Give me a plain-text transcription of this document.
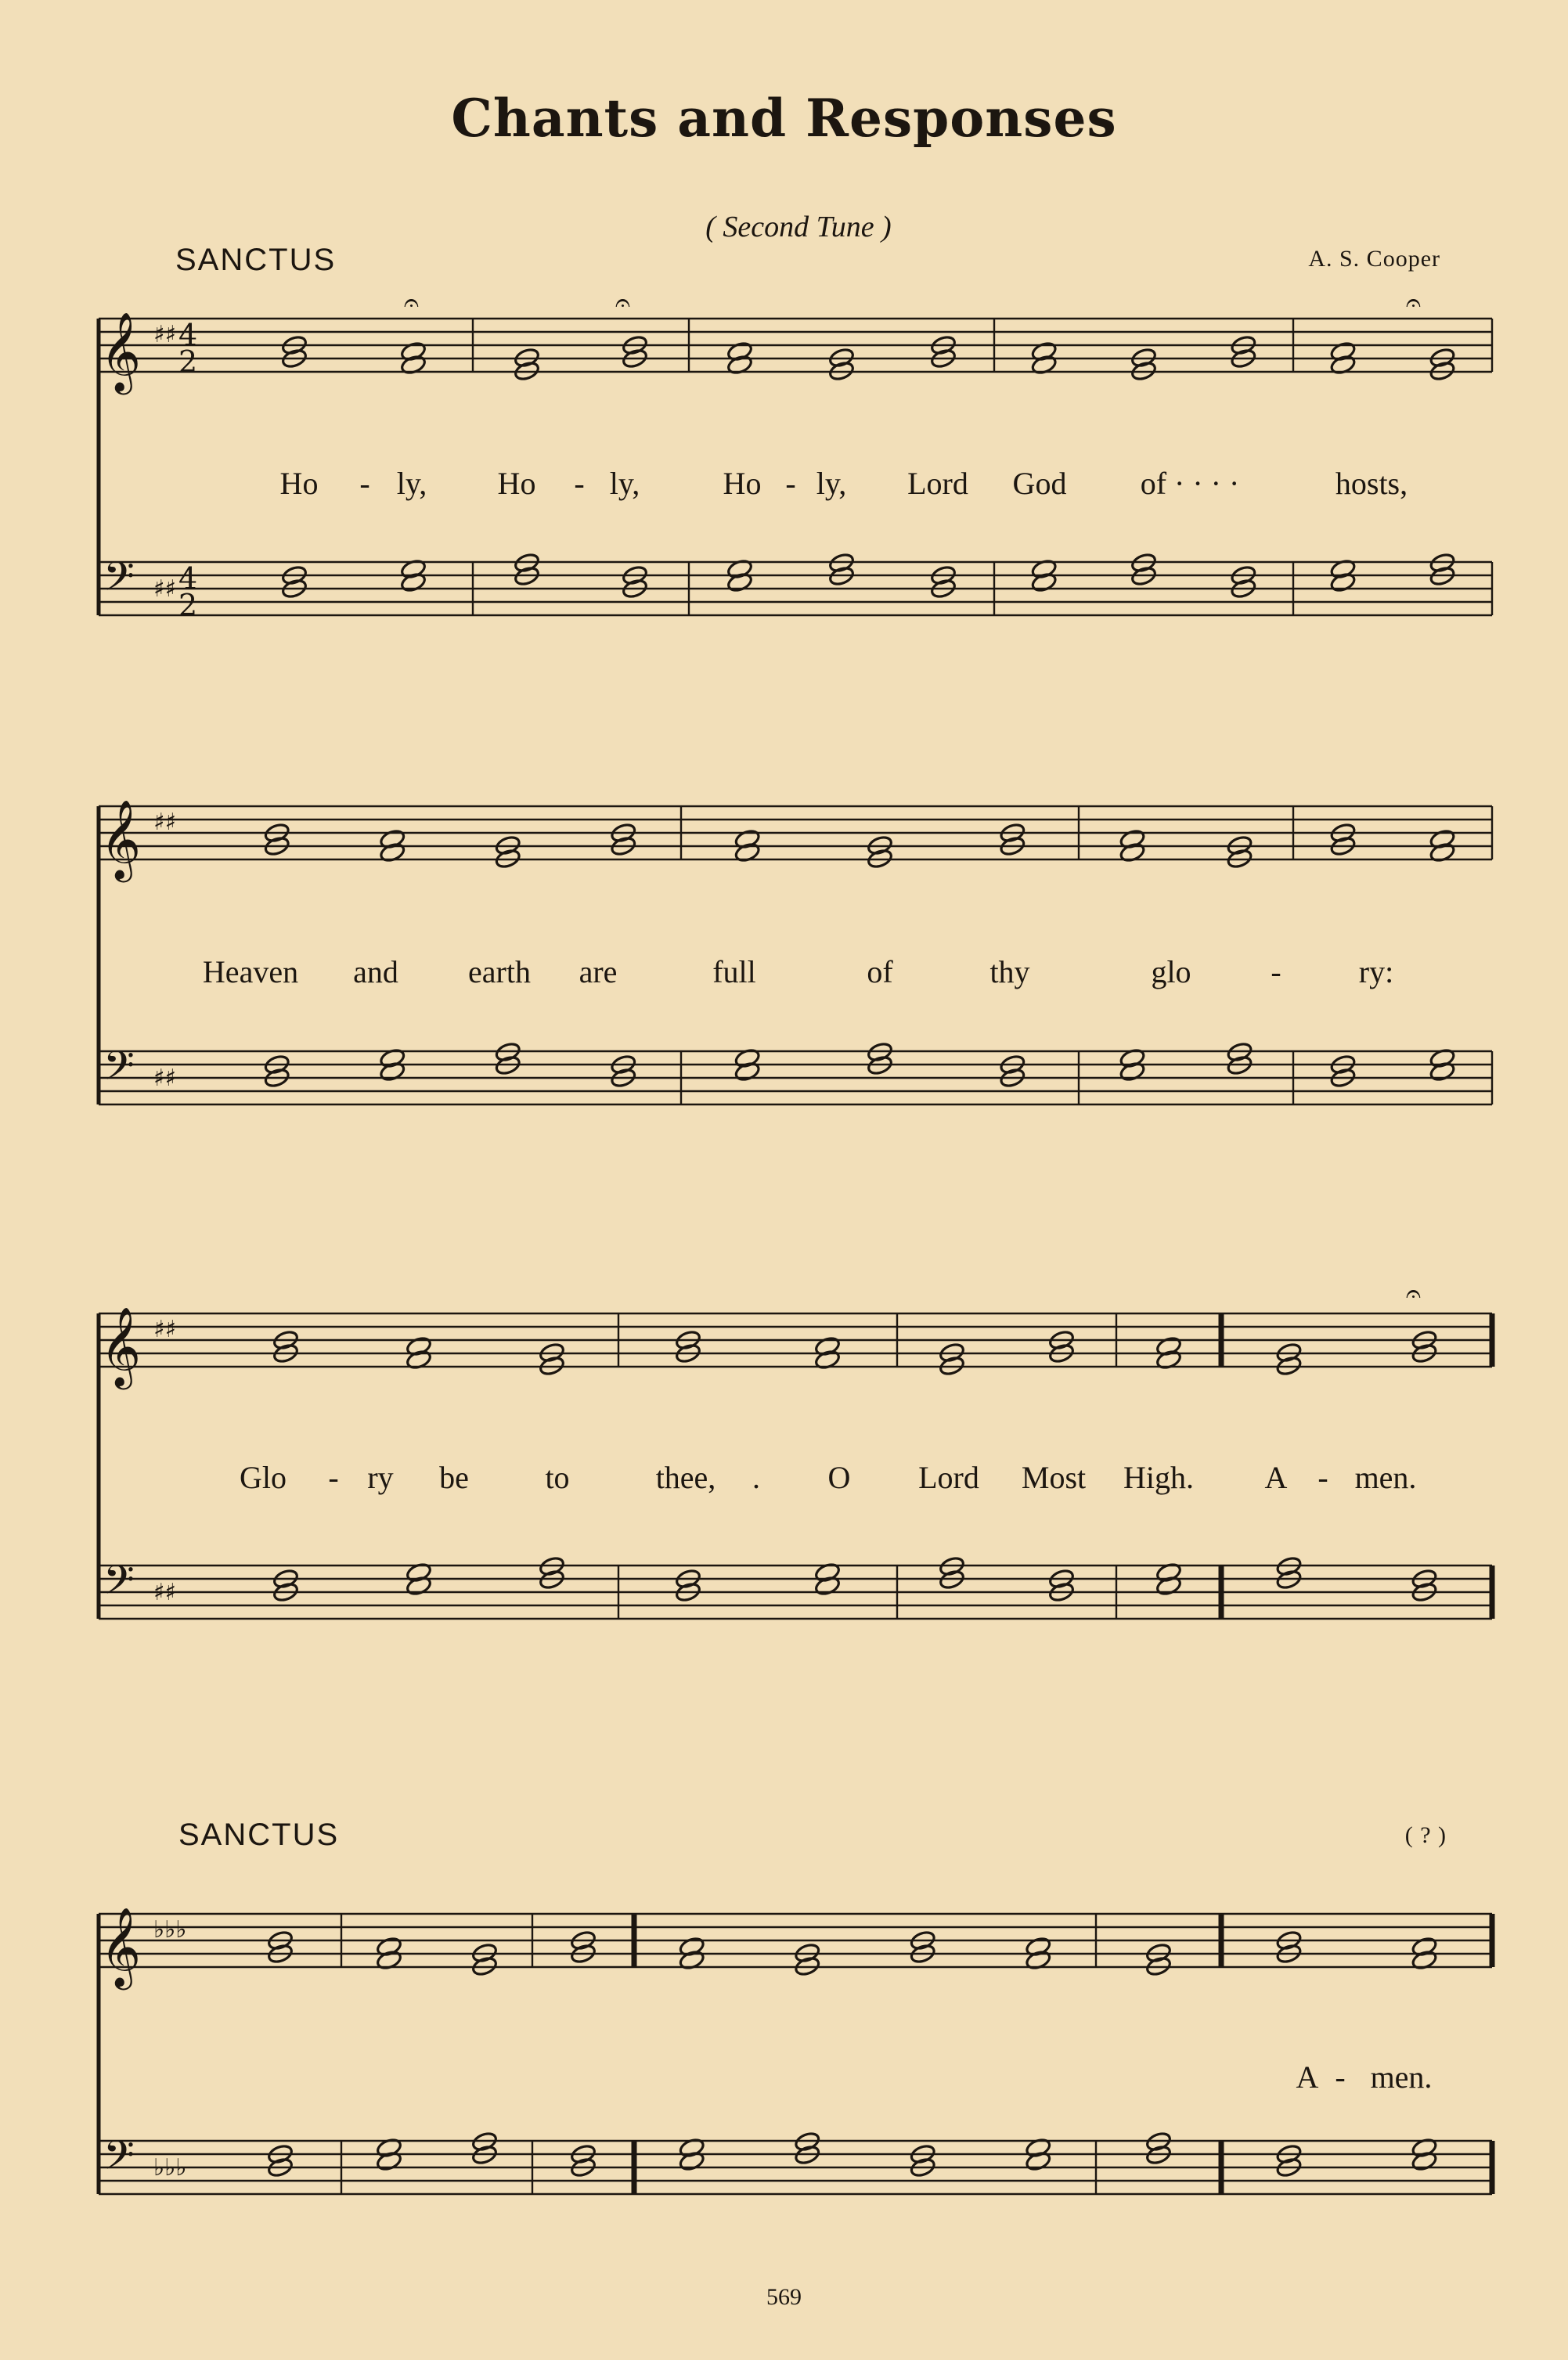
Chants and Responses
( Second Tune )
SANCTUS	A. S. Cooper
SANCTUS	( ? )
𝄞
𝄢
♯♯
♯♯
4
2
4
2
𝄞
𝄢
♯♯
♯♯
𝄞
𝄢
♯♯
♯♯
𝄞
𝄢
♭♭♭
♭♭♭
𝄐	𝄐	𝄐
𝄐
Ho - ly, Ho - ly,	Ho - ly, Lord God of · · · ·	hosts,
Heaven and earth are	full	of	thy	glo	- ry:
Glo - ry be to	thee, . O Lord Most High. A - men.
A - men.
569
